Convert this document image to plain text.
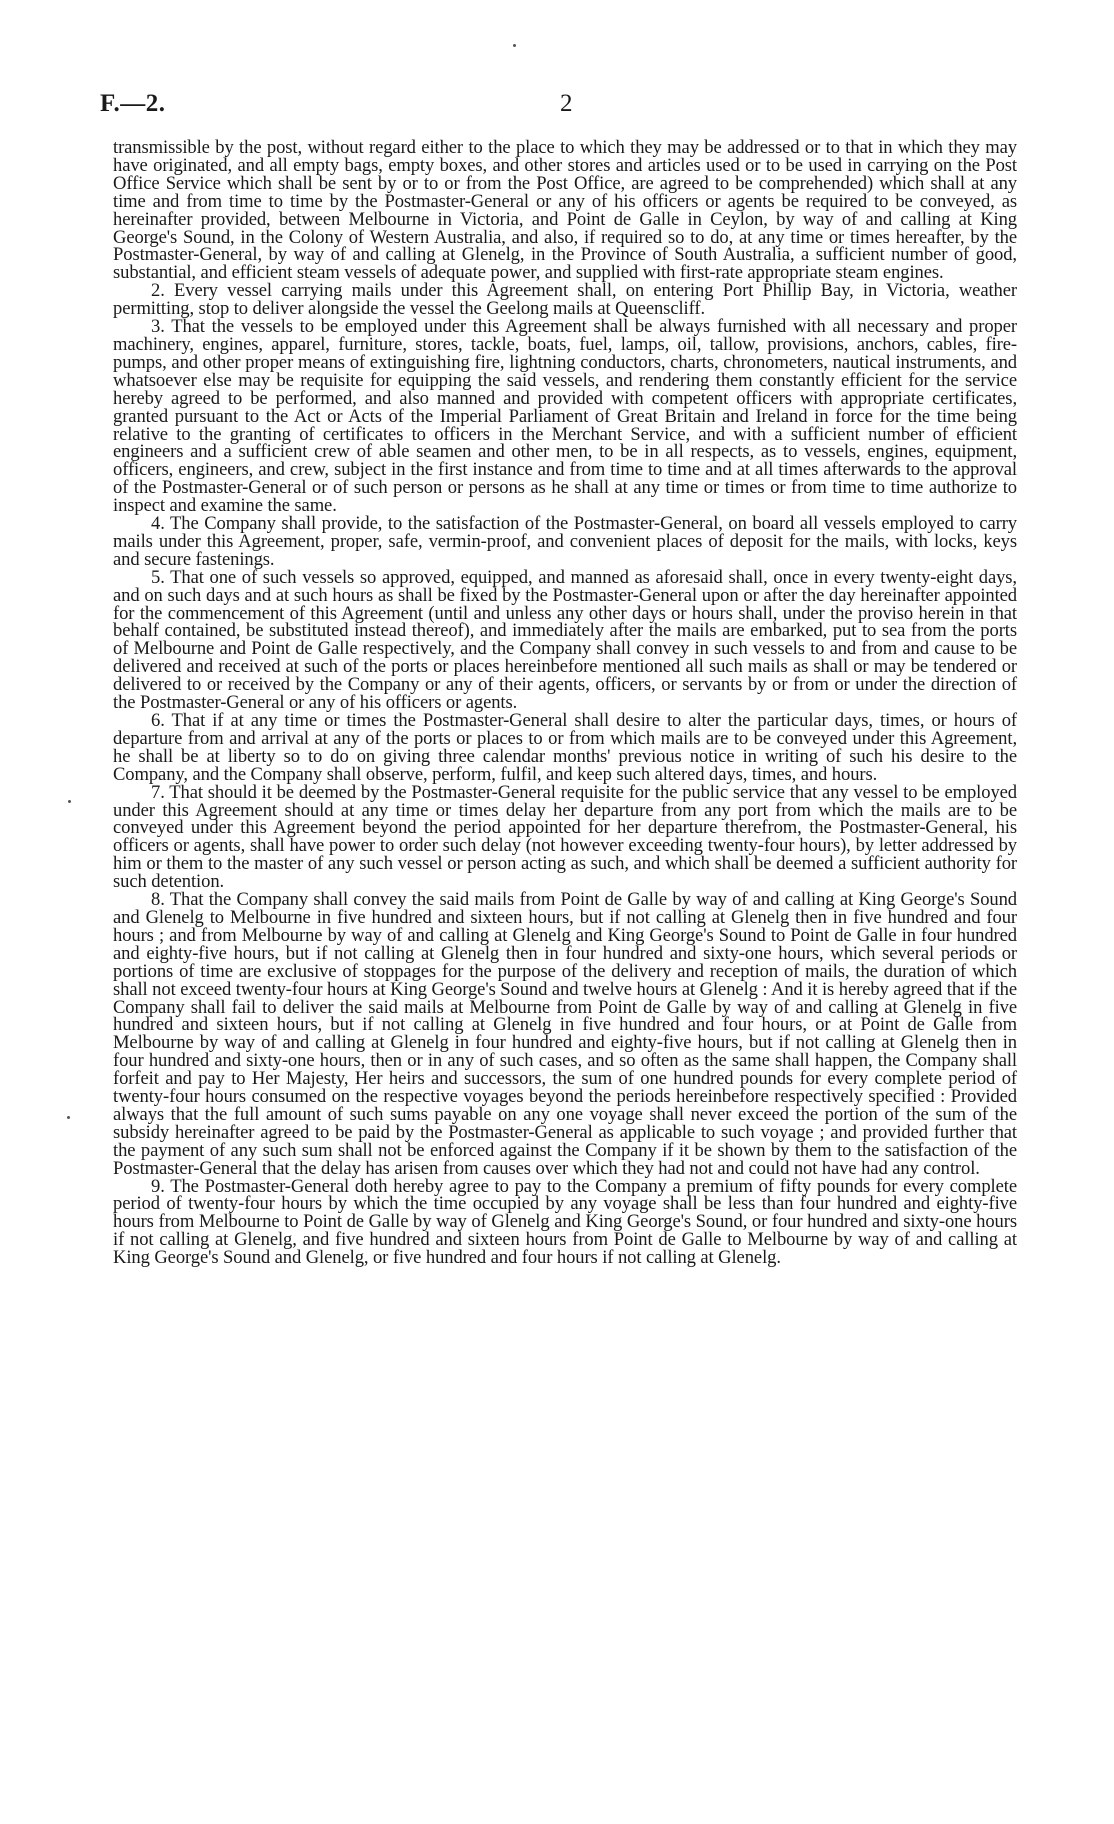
F.—2.	2

transmissible by the post, without regard either to the place to which they may be addressed or to that in which they may have originated, and all empty bags, empty boxes, and other stores and articles used or to be used in carrying on the Post Office Service which shall be sent by or to or from the Post Office, are agreed to be comprehended) which shall at any time and from time to time by the Postmaster-General or any of his officers or agents be required to be conveyed, as hereinafter provided, between Melbourne in Victoria, and Point de Galle in Ceylon, by way of and calling at King George's Sound, in the Colony of Western Australia, and also, if required so to do, at any time or times hereafter, by the Postmaster-General, by way of and calling at Glenelg, in the Province of South Australia, a sufficient number of good, substantial, and efficient steam vessels of adequate power, and supplied with first-rate appropriate steam engines.

2. Every vessel carrying mails under this Agreement shall, on entering Port Phillip Bay, in Victoria, weather permitting, stop to deliver alongside the vessel the Geelong mails at Queenscliff.

3. That the vessels to be employed under this Agreement shall be always furnished with all necessary and proper machinery, engines, apparel, furniture, stores, tackle, boats, fuel, lamps, oil, tallow, provisions, anchors, cables, fire-pumps, and other proper means of extinguishing fire, lightning conductors, charts, chronometers, nautical instruments, and whatsoever else may be requisite for equipping the said vessels, and rendering them constantly efficient for the service hereby agreed to be performed, and also manned and provided with competent officers with appropriate certificates, granted pursuant to the Act or Acts of the Imperial Parliament of Great Britain and Ireland in force for the time being relative to the granting of certificates to officers in the Merchant Service, and with a sufficient number of efficient engineers and a sufficient crew of able seamen and other men, to be in all respects, as to vessels, engines, equipment, officers, engineers, and crew, subject in the first instance and from time to time and at all times afterwards to the approval of the Postmaster-General or of such person or persons as he shall at any time or times or from time to time authorize to inspect and examine the same.

4. The Company shall provide, to the satisfaction of the Postmaster-General, on board all vessels employed to carry mails under this Agreement, proper, safe, vermin-proof, and convenient places of deposit for the mails, with locks, keys and secure fastenings.

5. That one of such vessels so approved, equipped, and manned as aforesaid shall, once in every twenty-eight days, and on such days and at such hours as shall be fixed by the Postmaster-General upon or after the day hereinafter appointed for the commencement of this Agreement (until and unless any other days or hours shall, under the proviso herein in that behalf contained, be substituted instead thereof), and immediately after the mails are embarked, put to sea from the ports of Melbourne and Point de Galle respectively, and the Company shall convey in such vessels to and from and cause to be delivered and received at such of the ports or places hereinbefore mentioned all such mails as shall or may be tendered or delivered to or received by the Company or any of their agents, officers, or servants by or from or under the direction of the Postmaster-General or any of his officers or agents.

6. That if at any time or times the Postmaster-General shall desire to alter the particular days, times, or hours of departure from and arrival at any of the ports or places to or from which mails are to be conveyed under this Agreement, he shall be at liberty so to do on giving three calendar months' previous notice in writing of such his desire to the Company, and the Company shall observe, perform, fulfil, and keep such altered days, times, and hours.

7. That should it be deemed by the Postmaster-General requisite for the public service that any vessel to be employed under this Agreement should at any time or times delay her departure from any port from which the mails are to be conveyed under this Agreement beyond the period appointed for her departure therefrom, the Postmaster-General, his officers or agents, shall have power to order such delay (not however exceeding twenty-four hours), by letter addressed by him or them to the master of any such vessel or person acting as such, and which shall be deemed a sufficient authority for such detention.

8. That the Company shall convey the said mails from Point de Galle by way of and calling at King George's Sound and Glenelg to Melbourne in five hundred and sixteen hours, but if not calling at Glenelg then in five hundred and four hours ; and from Melbourne by way of and calling at Glenelg and King George's Sound to Point de Galle in four hundred and eighty-five hours, but if not calling at Glenelg then in four hundred and sixty-one hours, which several periods or portions of time are exclusive of stoppages for the purpose of the delivery and reception of mails, the duration of which shall not exceed twenty-four hours at King George's Sound and twelve hours at Glenelg : And it is hereby agreed that if the Company shall fail to deliver the said mails at Melbourne from Point de Galle by way of and calling at Glenelg in five hundred and sixteen hours, but if not calling at Glenelg in five hundred and four hours, or at Point de Galle from Melbourne by way of and calling at Glenelg in four hundred and eighty-five hours, but if not calling at Glenelg then in four hundred and sixty-one hours, then or in any of such cases, and so often as the same shall happen, the Company shall forfeit and pay to Her Majesty, Her heirs and successors, the sum of one hundred pounds for every complete period of twenty-four hours consumed on the respective voyages beyond the periods hereinbefore respectively specified : Provided always that the full amount of such sums payable on any one voyage shall never exceed the portion of the sum of the subsidy hereinafter agreed to be paid by the Postmaster-General as applicable to such voyage ; and provided further that the payment of any such sum shall not be enforced against the Company if it be shown by them to the satisfaction of the Postmaster-General that the delay has arisen from causes over which they had not and could not have had any control.

9. The Postmaster-General doth hereby agree to pay to the Company a premium of fifty pounds for every complete period of twenty-four hours by which the time occupied by any voyage shall be less than four hundred and eighty-five hours from Melbourne to Point de Galle by way of Glenelg and King George's Sound, or four hundred and sixty-one hours if not calling at Glenelg, and five hundred and sixteen hours from Point de Galle to Melbourne by way of and calling at King George's Sound and Glenelg, or five hundred and four hours if not calling at Glenelg.
